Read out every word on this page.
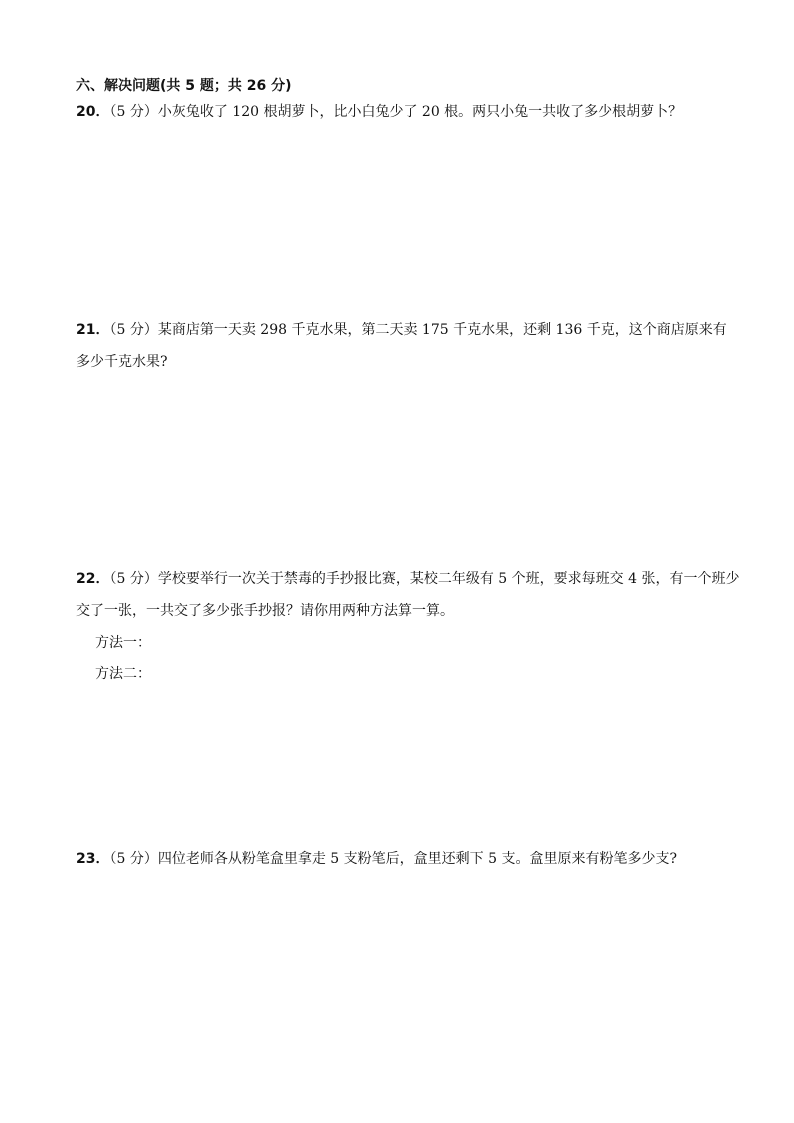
六、解决问题(共 5 题；共 26 分)

20．（5 分）小灰兔收了 120 根胡萝卜，比小白兔少了 20 根。两只小兔一共收了多少根胡萝卜？

21．（5 分）某商店第一天卖 298 千克水果，第二天卖 175 千克水果，还剩 136 千克，这个商店原来有多少千克水果?

22．（5 分）学校要举行一次关于禁毒的手抄报比赛，某校二年级有 5 个班，要求每班交 4 张，有一个班少交了一张，一共交了多少张手抄报？请你用两种方法算一算。

方法一：
方法二：

23．（5 分）四位老师各从粉笔盒里拿走 5 支粉笔后，盒里还剩下 5 支。盒里原来有粉笔多少支?
